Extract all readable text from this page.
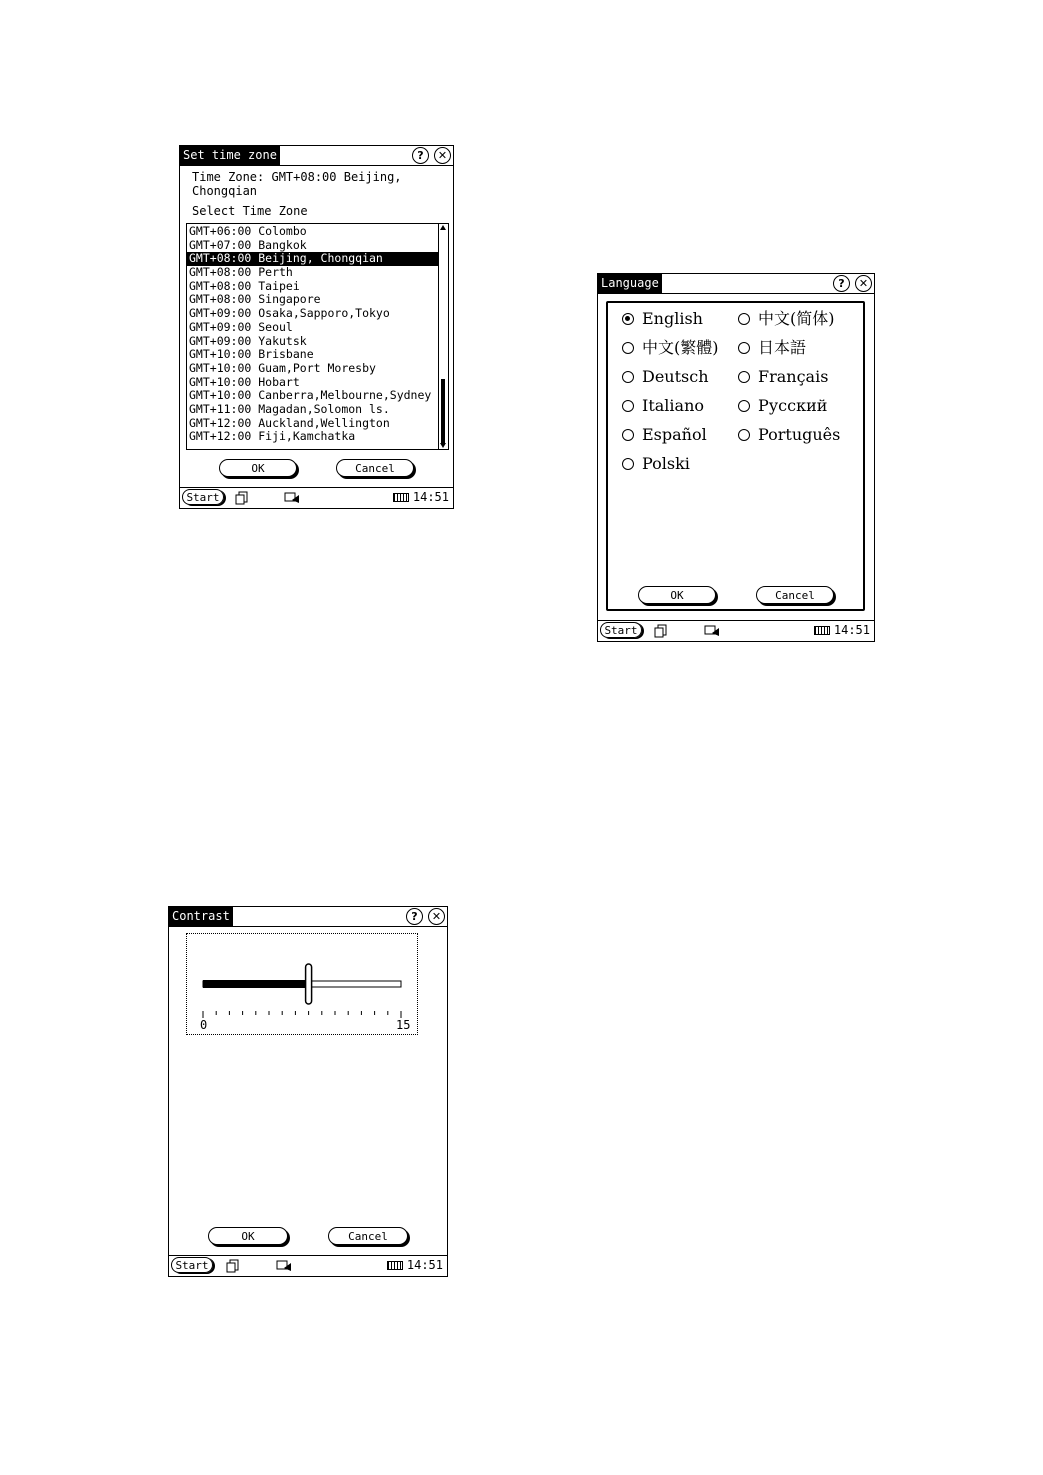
Set time zone	?	✕
Time Zone: GMT+08:00 Beijing,
Chongqian
Select Time Zone
GMT+06:00 Colombo
GMT+07:00 Bangkok
GMT+08:00 Beijing, Chongqian
GMT+08:00 Perth
GMT+08:00 Taipei
GMT+08:00 Singapore
GMT+09:00 Osaka,Sapporo,Tokyo
GMT+09:00 Seoul
GMT+09:00 Yakutsk
GMT+10:00 Brisbane
GMT+10:00 Guam,Port Moresby
GMT+10:00 Hobart
GMT+10:00 Canberra,Melbourne,Sydney
GMT+11:00 Magadan,Solomon ls.
GMT+12:00 Auckland,Wellington
GMT+12:00 Fiji,Kamchatka
OK	Cancel
Start	14:51
Language	?	✕
English
中文(繁體)
Deutsch
Italiano
Español
Polski
中文(简体)
日本語
Français
Русский
Português
OK	Cancel
Start	14:51
Contrast	?	✕
0	15
OK	Cancel
Start	14:51
